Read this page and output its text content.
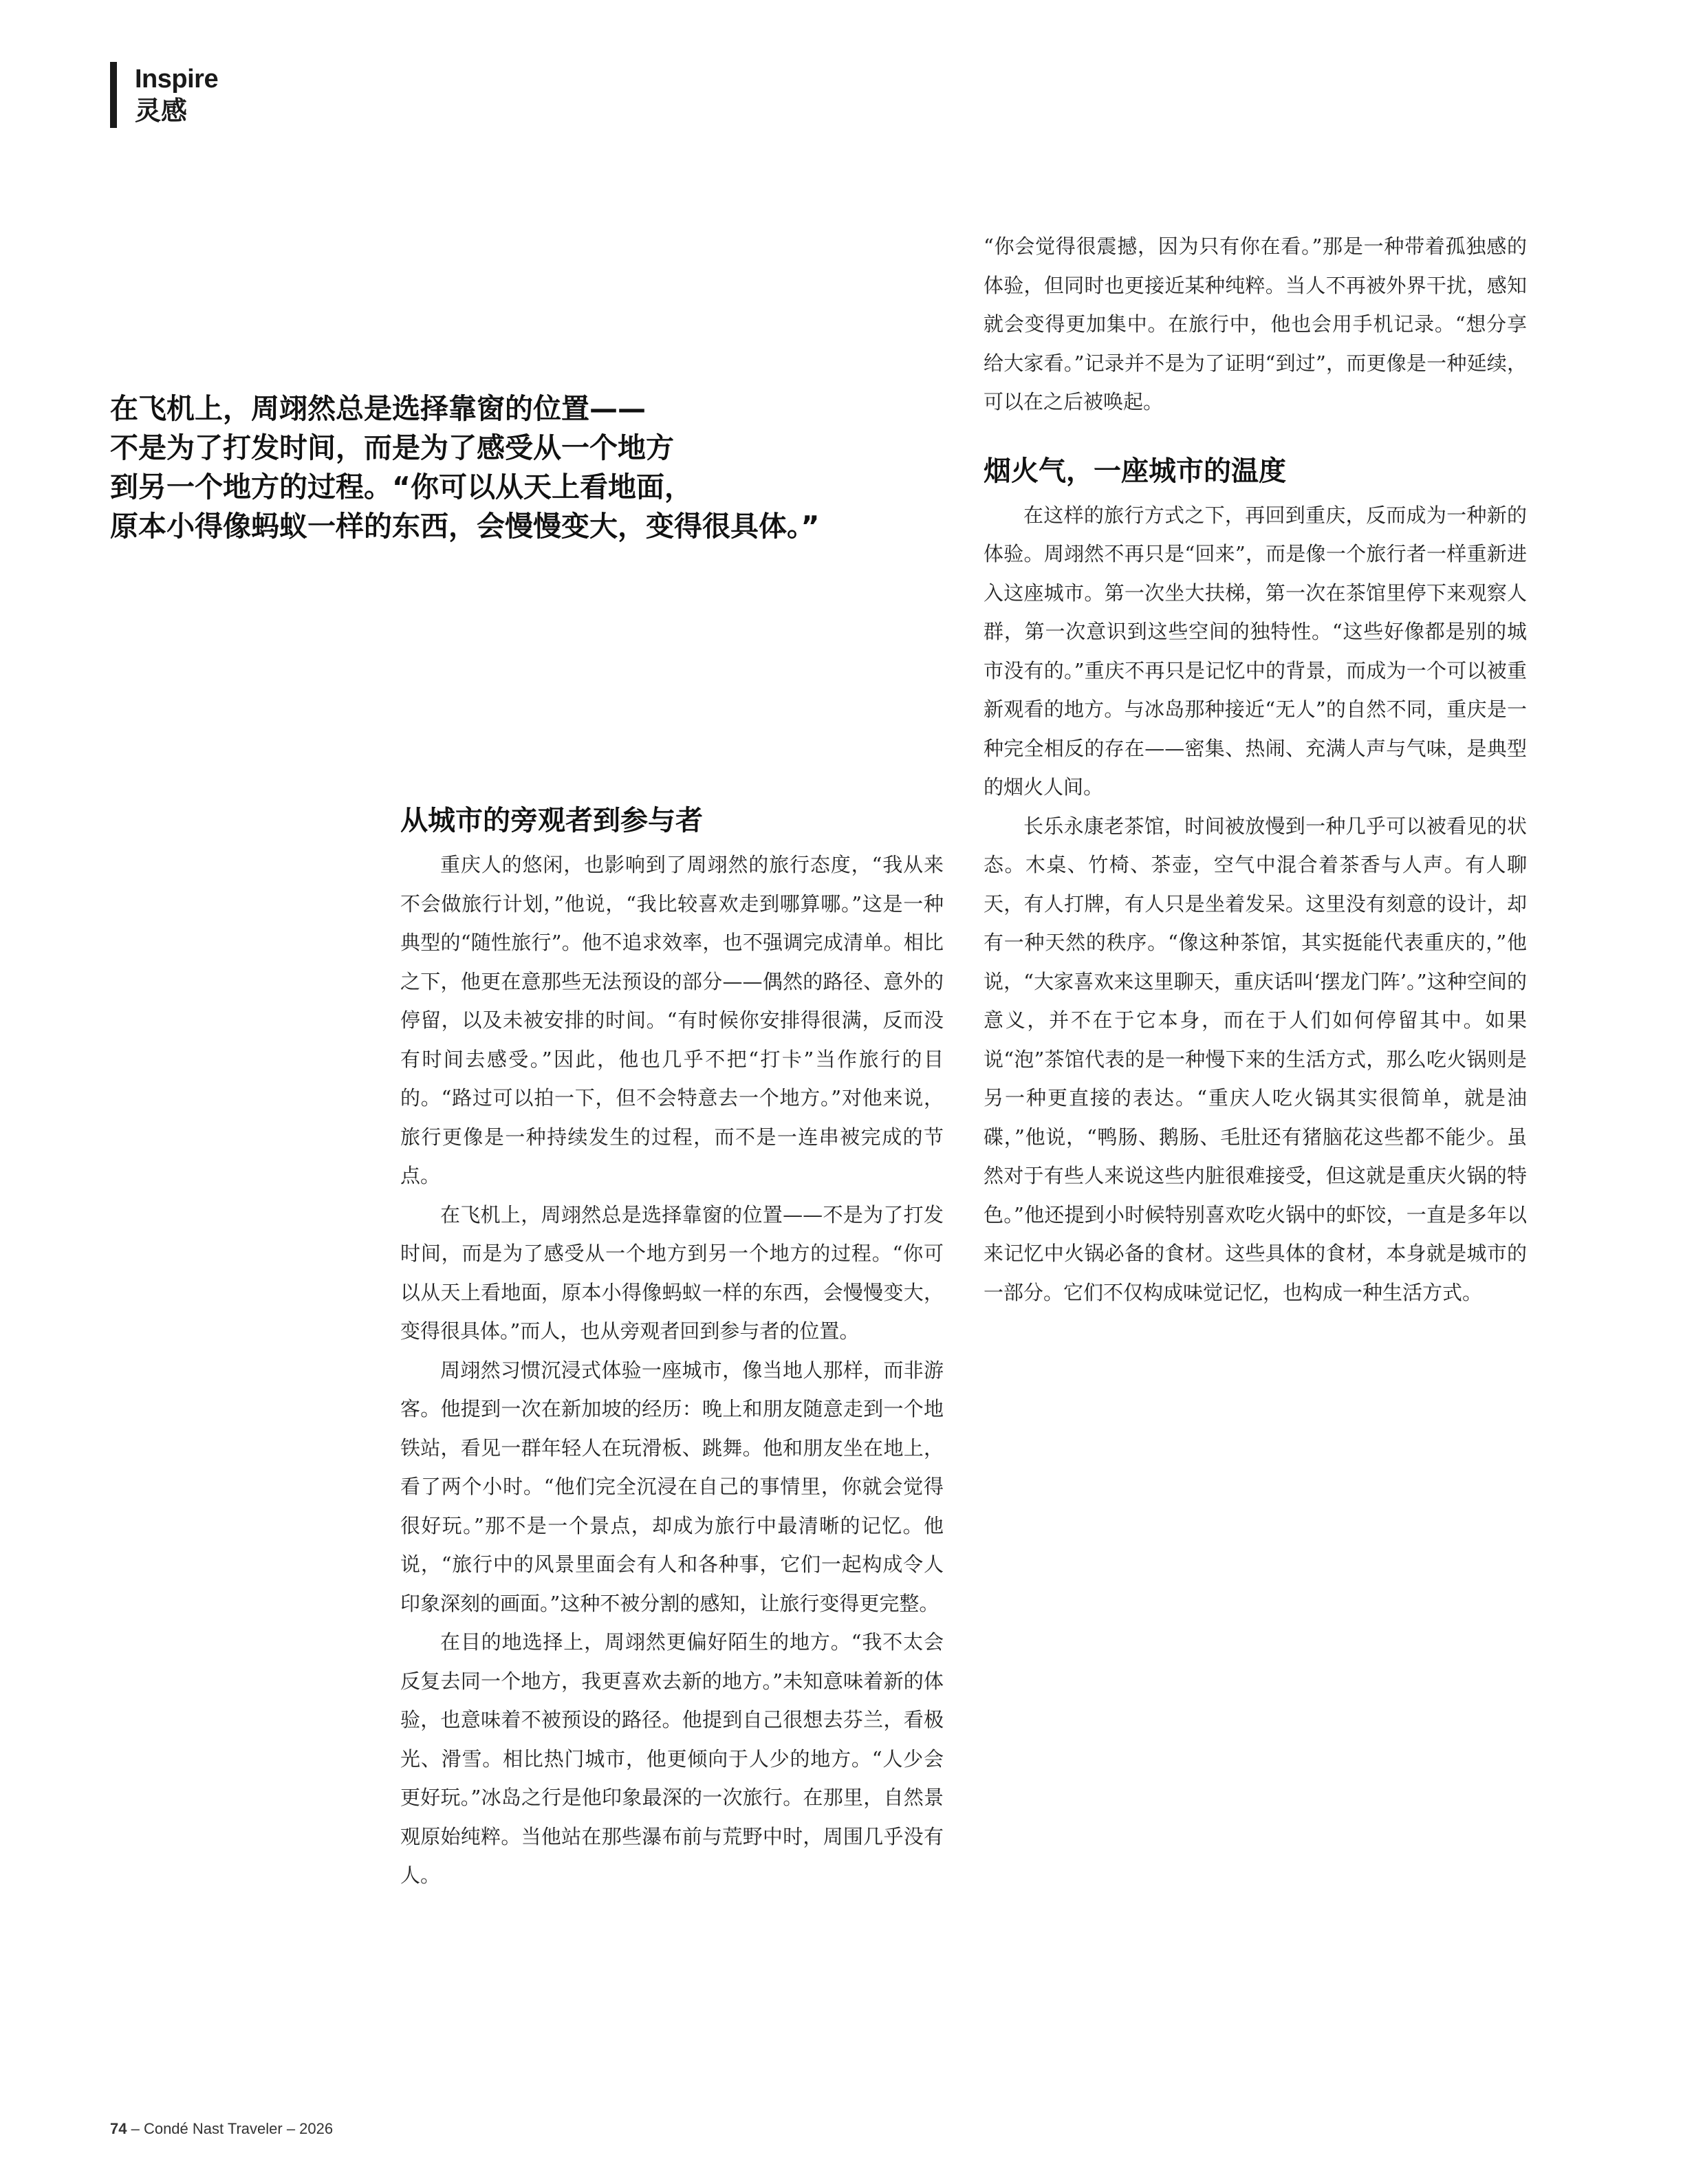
Inspire
灵感
在飞机上，周翊然总是选择靠窗的位置——
不是为了打发时间，而是为了感受从一个地方
到另一个地方的过程。“你可以从天上看地面，
原本小得像蚂蚁一样的东西，会慢慢变大，变得很具体。”
从城市的旁观者到参与者

重庆人的悠闲，也影响到了周翊然的旅行态度，“我从来不会做旅行计划，”他说，“我比较喜欢走到哪算哪。”这是一种典型的“随性旅行”。他不追求效率，也不强调完成清单。相比之下，他更在意那些无法预设的部分——偶然的路径、意外的停留，以及未被安排的时间。“有时候你安排得很满，反而没有时间去感受。”因此，他也几乎不把“打卡”当作旅行的目的。“路过可以拍一下，但不会特意去一个地方。”对他来说，旅行更像是一种持续发生的过程，而不是一连串被完成的节点。

在飞机上，周翊然总是选择靠窗的位置——不是为了打发时间，而是为了感受从一个地方到另一个地方的过程。“你可以从天上看地面，原本小得像蚂蚁一样的东西，会慢慢变大，变得很具体。”而人，也从旁观者回到参与者的位置。

周翊然习惯沉浸式体验一座城市，像当地人那样，而非游客。他提到一次在新加坡的经历：晚上和朋友随意走到一个地铁站，看见一群年轻人在玩滑板、跳舞。他和朋友坐在地上，看了两个小时。“他们完全沉浸在自己的事情里，你就会觉得很好玩。”那不是一个景点，却成为旅行中最清晰的记忆。他说，“旅行中的风景里面会有人和各种事，它们一起构成令人印象深刻的画面。”这种不被分割的感知，让旅行变得更完整。

在目的地选择上，周翊然更偏好陌生的地方。“我不太会反复去同一个地方，我更喜欢去新的地方。”未知意味着新的体验，也意味着不被预设的路径。他提到自己很想去芬兰，看极光、滑雪。相比热门城市，他更倾向于人少的地方。“人少会更好玩。”冰岛之行是他印象最深的一次旅行。在那里，自然景观原始纯粹。当他站在那些瀑布前与荒野中时，周围几乎没有人。

“你会觉得很震撼，因为只有你在看。”那是一种带着孤独感的体验，但同时也更接近某种纯粹。当人不再被外界干扰，感知就会变得更加集中。在旅行中，他也会用手机记录。“想分享给大家看。”记录并不是为了证明“到过”，而更像是一种延续，可以在之后被唤起。

烟火气，一座城市的温度

在这样的旅行方式之下，再回到重庆，反而成为一种新的体验。周翊然不再只是“回来”，而是像一个旅行者一样重新进入这座城市。第一次坐大扶梯，第一次在茶馆里停下来观察人群，第一次意识到这些空间的独特性。“这些好像都是别的城市没有的。”重庆不再只是记忆中的背景，而成为一个可以被重新观看的地方。与冰岛那种接近“无人”的自然不同，重庆是一种完全相反的存在——密集、热闹、充满人声与气味，是典型的烟火人间。

长乐永康老茶馆，时间被放慢到一种几乎可以被看见的状态。木桌、竹椅、茶壶，空气中混合着茶香与人声。有人聊天，有人打牌，有人只是坐着发呆。这里没有刻意的设计，却有一种天然的秩序。“像这种茶馆，其实挺能代表重庆的，”他说，“大家喜欢来这里聊天，重庆话叫‘摆龙门阵’。”这种空间的意义，并不在于它本身，而在于人们如何停留其中。如果说“泡”茶馆代表的是一种慢下来的生活方式，那么吃火锅则是另一种更直接的表达。“重庆人吃火锅其实很简单，就是油碟，”他说，“鸭肠、鹅肠、毛肚还有猪脑花这些都不能少。虽然对于有些人来说这些内脏很难接受，但这就是重庆火锅的特色。”他还提到小时候特别喜欢吃火锅中的虾饺，一直是多年以来记忆中火锅必备的食材。这些具体的食材，本身就是城市的一部分。它们不仅构成味觉记忆，也构成一种生活方式。

74 – Condé Nast Traveler – 2026
